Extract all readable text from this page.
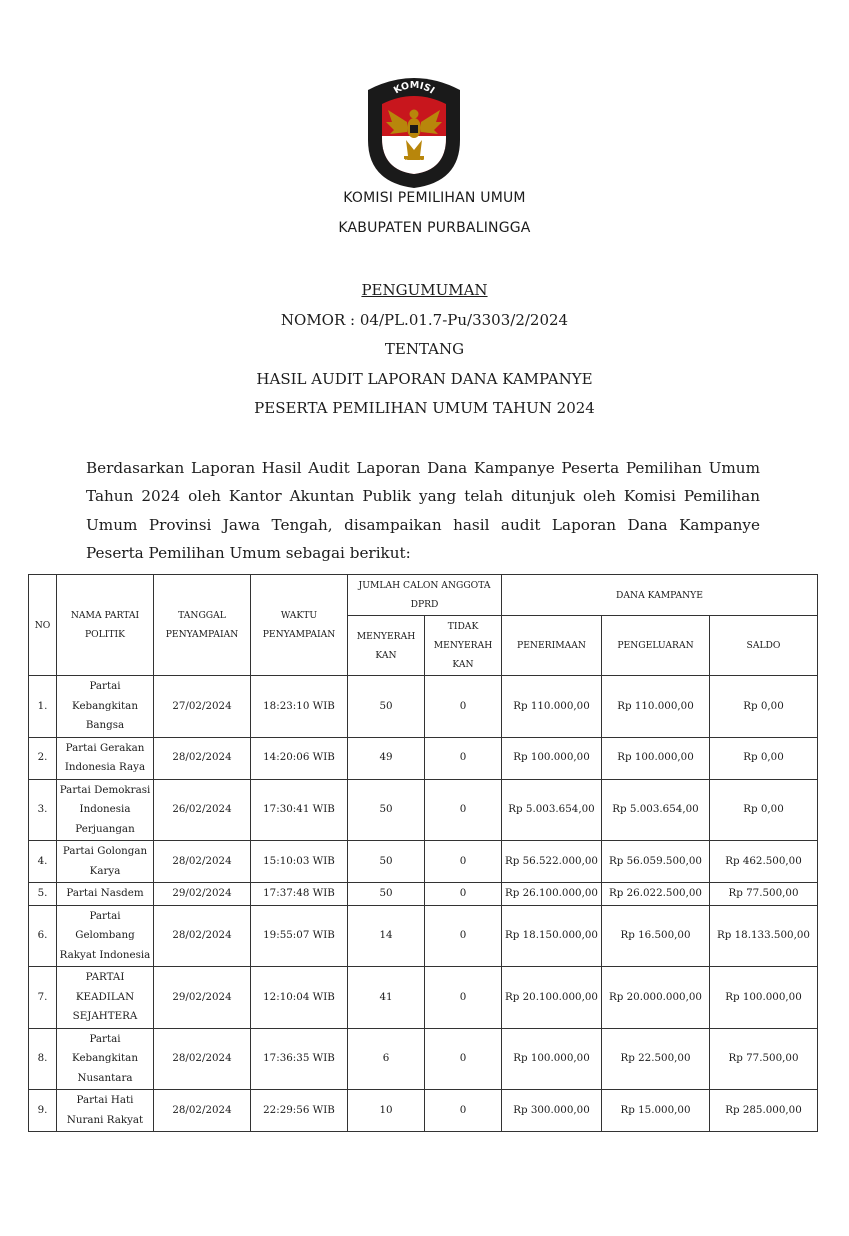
KOMISI
PEMILIHAN UMUM
KOMISI PEMILIHAN UMUM
KABUPATEN PURBALINGGA
PENGUMUMAN
NOMOR : 04/PL.01.7-Pu/3303/2/2024
TENTANG
HASIL AUDIT LAPORAN DANA KAMPANYE
PESERTA PEMILIHAN UMUM TAHUN 2024
Berdasarkan Laporan Hasil Audit Laporan Dana Kampanye Peserta Pemilihan Umum Tahun 2024 oleh Kantor Akuntan Publik yang telah ditunjuk oleh Komisi Pemilihan Umum Provinsi Jawa Tengah, disampaikan hasil audit Laporan Dana Kampanye Peserta Pemilihan Umum sebagai berikut:
NO	NAMA PARTAI POLITIK	TANGGAL PENYAMPAIAN	WAKTU PENYAMPAIAN	JUMLAH CALON ANGGOTA DPRD		DANA KAMPANYE		
				MENYERAH KAN	TIDAK MENYERAH KAN	PENERIMAAN	PENGELUARAN	SALDO
1.	Partai Kebangkitan Bangsa	27/02/2024	18:23:10 WIB	50	0	Rp 110.000,00	Rp 110.000,00	Rp 0,00
2.	Partai Gerakan Indonesia Raya	28/02/2024	14:20:06 WIB	49	0	Rp 100.000,00	Rp 100.000,00	Rp 0,00
3.	Partai Demokrasi Indonesia Perjuangan	26/02/2024	17:30:41 WIB	50	0	Rp 5.003.654,00	Rp 5.003.654,00	Rp 0,00
4.	Partai Golongan Karya	28/02/2024	15:10:03 WIB	50	0	Rp 56.522.000,00	Rp 56.059.500,00	Rp 462.500,00
5.	Partai Nasdem	29/02/2024	17:37:48 WIB	50	0	Rp 26.100.000,00	Rp 26.022.500,00	Rp 77.500,00
6.	Partai Gelombang Rakyat Indonesia	28/02/2024	19:55:07 WIB	14	0	Rp 18.150.000,00	Rp 16.500,00	Rp 18.133.500,00
7.	PARTAI KEADILAN SEJAHTERA	29/02/2024	12:10:04 WIB	41	0	Rp 20.100.000,00	Rp 20.000.000,00	Rp 100.000,00
8.	Partai Kebangkitan Nusantara	28/02/2024	17:36:35 WIB	6	0	Rp 100.000,00	Rp 22.500,00	Rp 77.500,00
9.	Partai Hati Nurani Rakyat	28/02/2024	22:29:56 WIB	10	0	Rp 300.000,00	Rp 15.000,00	Rp 285.000,00
